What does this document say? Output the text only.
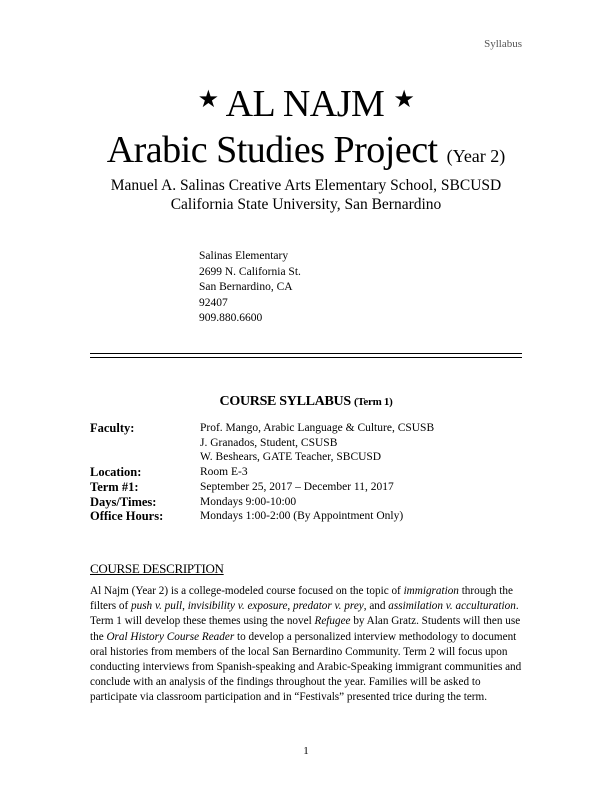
Syllabus
★ AL NAJM ★
Arabic Studies Project (Year 2)
Manuel A. Salinas Creative Arts Elementary School, SBCUSD
California State University, San Bernardino
Salinas Elementary
2699 N. California St.
San Bernardino, CA
92407
909.880.6600
COURSE SYLLABUS (Term 1)
Faculty:	Prof. Mango, Arabic Language & Culture, CSUSB
J. Granados, Student, CSUSB
W. Beshears, GATE Teacher, SBCUSD
Location:	Room E-3
Term #1:	September 25, 2017 – December 11, 2017
Days/Times:	Mondays 9:00-10:00
Office Hours:	Mondays 1:00-2:00 (By Appointment Only)
COURSE DESCRIPTION
Al Najm (Year 2) is a college-modeled course focused on the topic of immigration through the filters of push v. pull, invisibility v. exposure, predator v. prey, and assimilation v. acculturation. Term 1 will develop these themes using the novel Refugee by Alan Gratz. Students will then use the Oral History Course Reader to develop a personalized interview methodology to document oral histories from members of the local San Bernardino Community. Term 2 will focus upon conducting interviews from Spanish-speaking and Arabic-Speaking immigrant communities and conclude with an analysis of the findings throughout the year. Families will be asked to participate via classroom participation and in “Festivals” presented trice during the term.
1
